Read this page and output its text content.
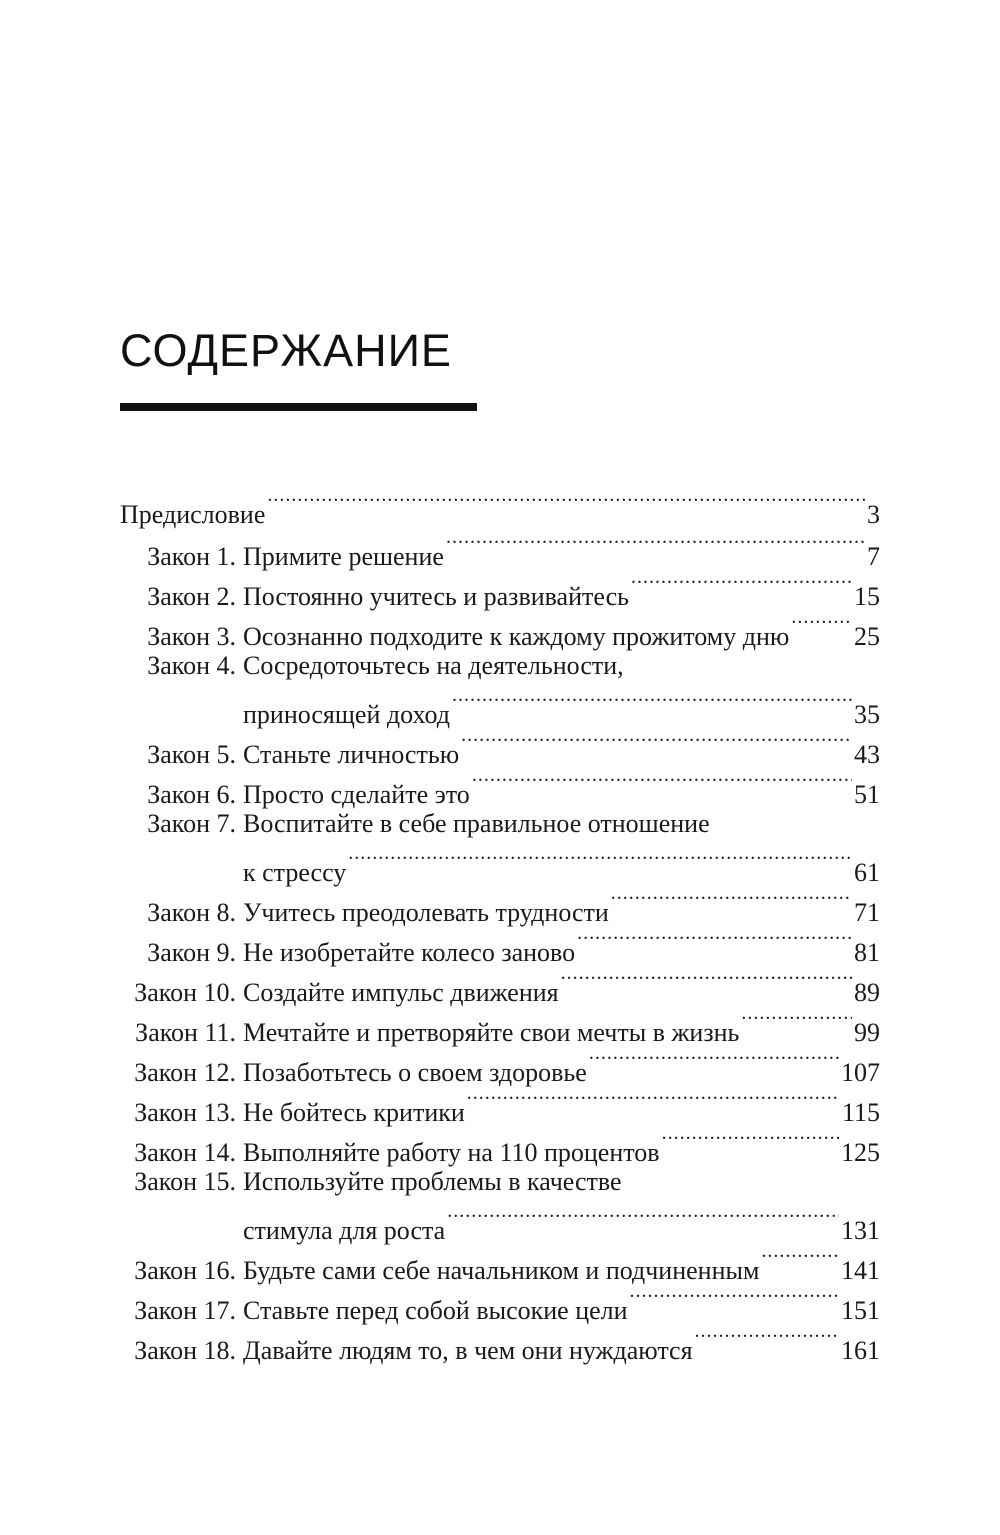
СОДЕРЖАНИЕ
Предисловие .....	3
Закон 1. Примите решение .....	7
Закон 2. Постоянно учитесь и развивайтесь .....	15
Закон 3. Осознанно подходите к каждому прожитому дню ..... 25
Закон 4. Сосредоточьтесь на деятельности,
приносящей доход .....	35
Закон 5. Станьте личностью .....	43
Закон 6. Просто сделайте это .....	51
Закон 7. Воспитайте в себе правильное отношение
к стрессу .....	61
Закон 8. Учитесь преодолевать трудности .....	71
Закон 9. Не изобретайте колесо заново .....	81
Закон 10. Создайте импульс движения .....	89
Закон 11. Мечтайте и претворяйте свои мечты в жизнь .....	99
Закон 12. Позаботьтесь о своем здоровье .....	107
Закон 13. Не бойтесь критики .....	115
Закон 14. Выполняйте работу на 110 процентов .....	125
Закон 15. Используйте проблемы в качестве
стимула для роста .....	131
Закон 16. Будьте сами себе начальником и подчиненным .....	141
Закон 17. Ставьте перед собой высокие цели .....	151
Закон 18. Давайте людям то, в чем они нуждаются .....	161
